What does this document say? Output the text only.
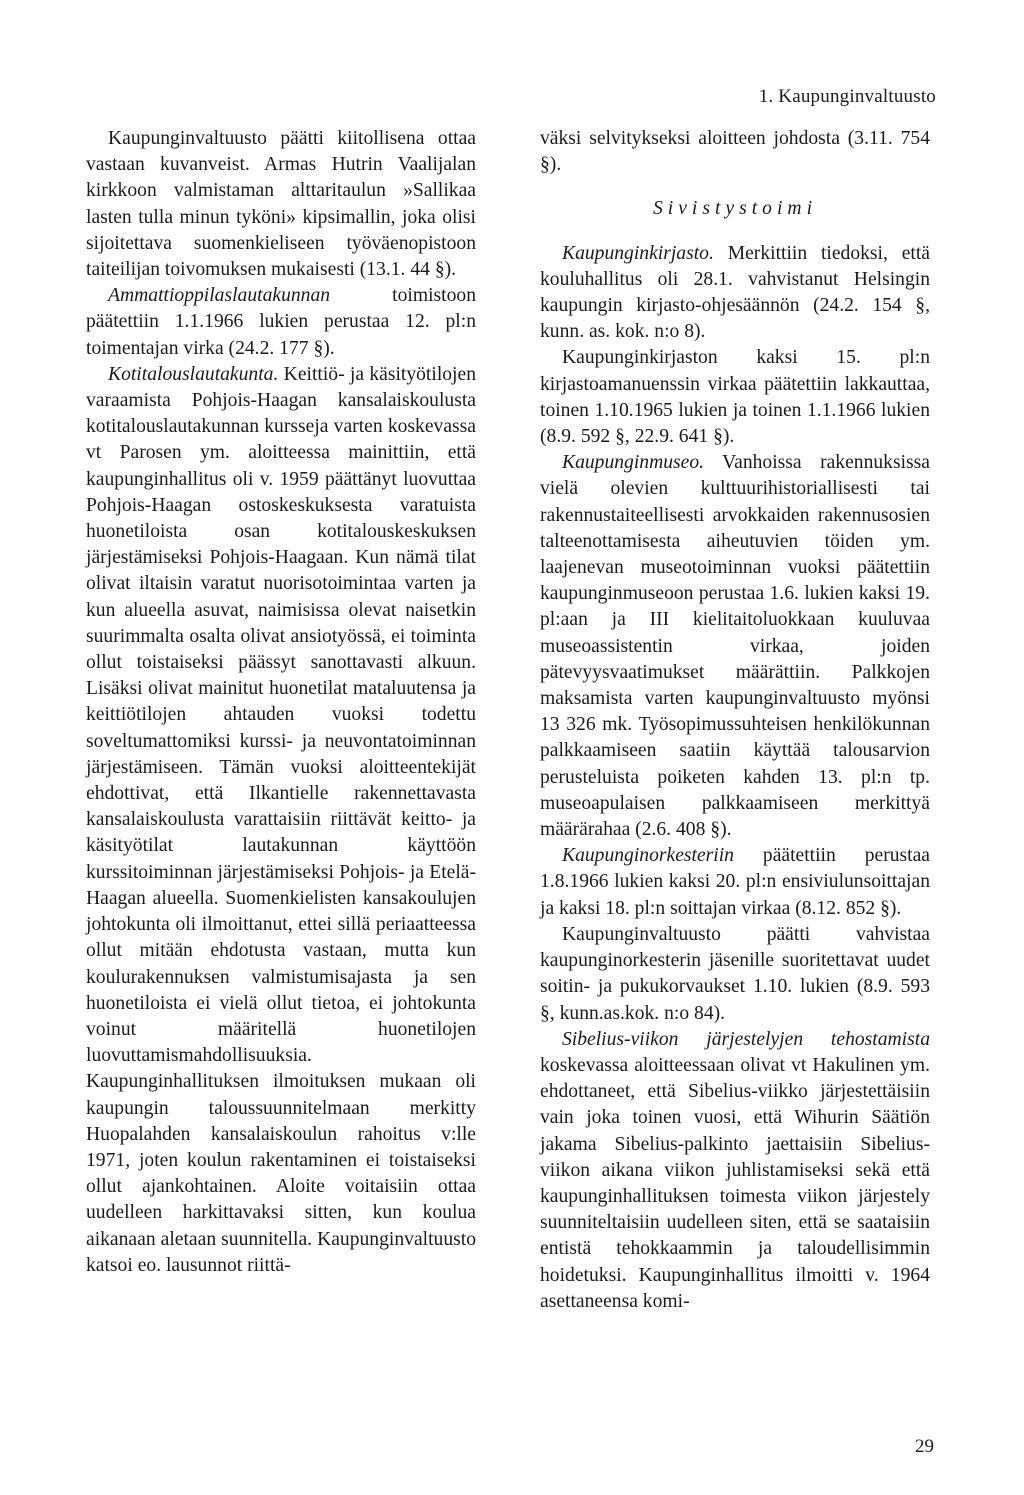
1. Kaupunginvaltuusto

Kaupunginvaltuusto päätti kiitollisena ottaa vastaan kuvanveist. Armas Hutrin Vaalijalan kirkkoon valmistaman alttaritaulun »Sallikaa lasten tulla minun tyköni» kipsimallin, joka olisi sijoitettava suomenkieliseen työväenopistoon taiteilijan toivomuksen mukaisesti (13.1. 44 §).

Ammattioppilaslautakunnan toimistoon päätettiin 1.1.1966 lukien perustaa 12. pl:n toimentajan virka (24.2. 177 §).

Kotitalouslautakunta. Keittiö- ja käsityötilojen varaamista Pohjois-Haagan kansalaiskoulusta kotitalouslautakunnan kursseja varten koskevassa vt Parosen ym. aloitteessa mainittiin, että kaupunginhallitus oli v. 1959 päättänyt luovuttaa Pohjois-Haagan ostoskeskuksesta varatuista huonetiloista osan kotitalouskeskuksen järjestämiseksi Pohjois-Haagaan. Kun nämä tilat olivat iltaisin varatut nuorisotoimintaa varten ja kun alueella asuvat, naimisissa olevat naisetkin suurimmalta osalta olivat ansiotyössä, ei toiminta ollut toistaiseksi päässyt sanottavasti alkuun. Lisäksi olivat mainitut huonetilat mataluutensa ja keittiötilojen ahtauden vuoksi todettu soveltumattomiksi kurssi- ja neuvontatoiminnan järjestämiseen. Tämän vuoksi aloitteentekijät ehdottivat, että Ilkantielle rakennettavasta kansalaiskoulusta varattaisiin riittävät keitto- ja käsityötilat lautakunnan käyttöön kurssitoiminnan järjestämiseksi Pohjois- ja Etelä-Haagan alueella. Suomenkielisten kansakoulujen johtokunta oli ilmoittanut, ettei sillä periaatteessa ollut mitään ehdotusta vastaan, mutta kun koulurakennuksen valmistumisajasta ja sen huonetiloista ei vielä ollut tietoa, ei johtokunta voinut määritellä huonetilojen luovuttamismahdollisuuksia. Kaupunginhallituksen ilmoituksen mukaan oli kaupungin taloussuunnitelmaan merkitty Huopalahden kansalaiskoulun rahoitus v:lle 1971, joten koulun rakentaminen ei toistaiseksi ollut ajankohtainen. Aloite voitaisiin ottaa uudelleen harkittavaksi sitten, kun koulua aikanaan aletaan suunnitella. Kaupunginvaltuusto katsoi eo. lausunnot riittä-

väksi selvitykseksi aloitteen johdosta (3.11. 754 §).

Sivistystoimi

Kaupunginkirjasto. Merkittiin tiedoksi, että kouluhallitus oli 28.1. vahvistanut Helsingin kaupungin kirjasto-ohjesäännön (24.2. 154 §, kunn. as. kok. n:o 8).

Kaupunginkirjaston kaksi 15. pl:n kirjastoamanuenssin virkaa päätettiin lakkauttaa, toinen 1.10.1965 lukien ja toinen 1.1.1966 lukien (8.9. 592 §, 22.9. 641 §).

Kaupunginmuseo. Vanhoissa rakennuksissa vielä olevien kulttuurihistoriallisesti tai rakennustaiteellisesti arvokkaiden rakennusosien talteenottamisesta aiheutuvien töiden ym. laajenevan museotoiminnan vuoksi päätettiin kaupunginmuseoon perustaa 1.6. lukien kaksi 19. pl:aan ja III kielitaitoluokkaan kuuluvaa museoassistentin virkaa, joiden pätevyysvaatimukset määrättiin. Palkkojen maksamista varten kaupunginvaltuusto myönsi 13 326 mk. Työsopimussuhteisen henkilökunnan palkkaamiseen saatiin käyttää talousarvion perusteluista poiketen kahden 13. pl:n tp. museoapulaisen palkkaamiseen merkittyä määrärahaa (2.6. 408 §).

Kaupunginorkesteriin päätettiin perustaa 1.8.1966 lukien kaksi 20. pl:n ensiviulunsoittajan ja kaksi 18. pl:n soittajan virkaa (8.12. 852 §).

Kaupunginvaltuusto päätti vahvistaa kaupunginorkesterin jäsenille suoritettavat uudet soitin- ja pukukorvaukset 1.10. lukien (8.9. 593 §, kunn.as.kok. n:o 84).

Sibelius-viikon järjestelyjen tehostamista koskevassa aloitteessaan olivat vt Hakulinen ym. ehdottaneet, että Sibelius-viikko järjestettäisiin vain joka toinen vuosi, että Wihurin Säätiön jakama Sibelius-palkinto jaettaisiin Sibelius-viikon aikana viikon juhlistamiseksi sekä että kaupunginhallituksen toimesta viikon järjestely suunniteltaisiin uudelleen siten, että se saataisiin entistä tehokkaammin ja taloudellisimmin hoidetuksi. Kaupunginhallitus ilmoitti v. 1964 asettaneensa komi-

29
